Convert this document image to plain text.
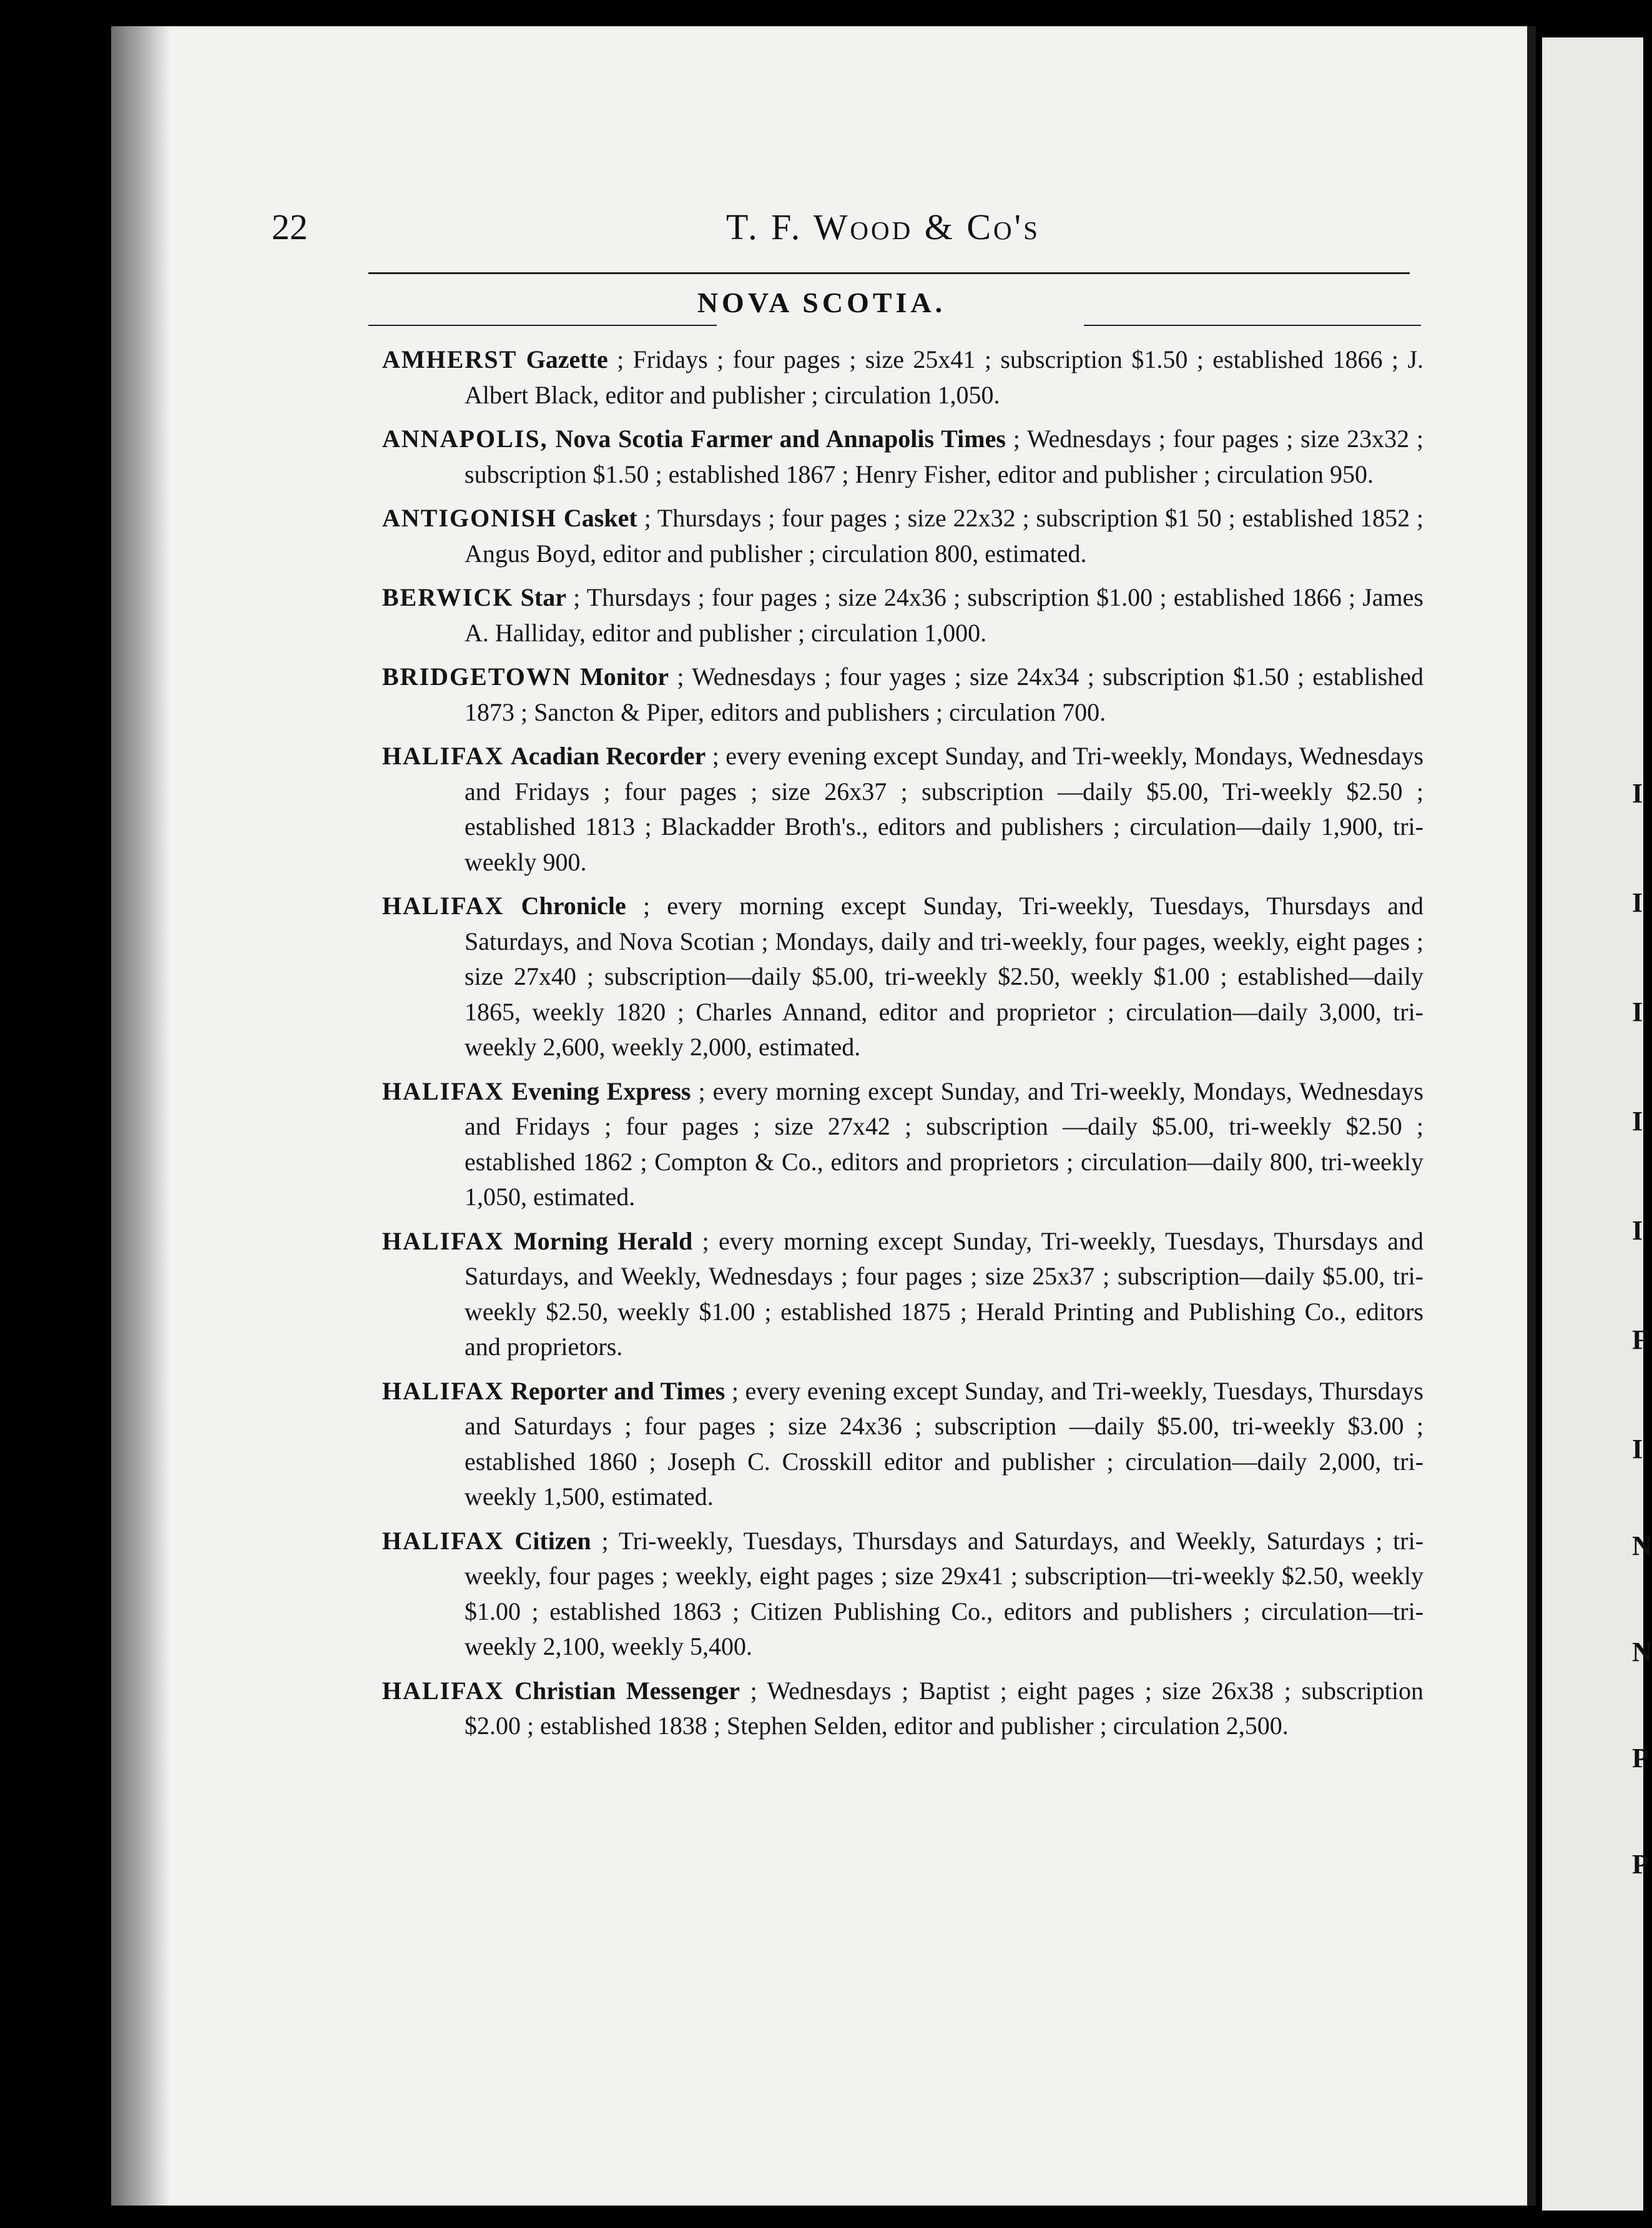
I
I
I
I
I
F
I
N
N
P
P
22	T. F. Wood & Co's
NOVA SCOTIA.

AMHERST Gazette ; Fridays ; four pages ; size 25x41 ; subscription $1.50 ; established 1866 ; J. Albert Black, editor and publisher ; circulation 1,050.

ANNAPOLIS, Nova Scotia Farmer and Annapolis Times ; Wednesdays ; four pages ; size 23x32 ; subscription $1.50 ; established 1867 ; Henry Fisher, editor and publisher ; circulation 950.

ANTIGONISH Casket ; Thursdays ; four pages ; size 22x32 ; subscription $1 50 ; established 1852 ; Angus Boyd, editor and publisher ; circulation 800, estimated.

BERWICK Star ; Thursdays ; four pages ; size 24x36 ; subscription $1.00 ; established 1866 ; James A. Halliday, editor and publisher ; circulation 1,000.

BRIDGETOWN Monitor ; Wednesdays ; four yages ; size 24x34 ; subscription $1.50 ; established 1873 ; Sancton & Piper, editors and publishers ; circulation 700.

HALIFAX Acadian Recorder ; every evening except Sunday, and Tri-weekly, Mondays, Wednesdays and Fridays ; four pages ; size 26x37 ; subscription —daily $5.00, Tri-weekly $2.50 ; established 1813 ; Blackadder Broth's., editors and publishers ; circulation—daily 1,900, tri-weekly 900.

HALIFAX Chronicle ; every morning except Sunday, Tri-weekly, Tuesdays, Thursdays and Saturdays, and Nova Scotian ; Mondays, daily and tri-weekly, four pages, weekly, eight pages ; size 27x40 ; subscription—daily $5.00, tri-weekly $2.50, weekly $1.00 ; established—daily 1865, weekly 1820 ; Charles Annand, editor and proprietor ; circulation—daily 3,000, tri-weekly 2,600, weekly 2,000, estimated.

HALIFAX Evening Express ; every morning except Sunday, and Tri-weekly, Mondays, Wednesdays and Fridays ; four pages ; size 27x42 ; subscription —daily $5.00, tri-weekly $2.50 ; established 1862 ; Compton & Co., editors and proprietors ; circulation—daily 800, tri-weekly 1,050, estimated.

HALIFAX Morning Herald ; every morning except Sunday, Tri-weekly, Tuesdays, Thursdays and Saturdays, and Weekly, Wednesdays ; four pages ; size 25x37 ; subscription—daily $5.00, tri-weekly $2.50, weekly $1.00 ; established 1875 ; Herald Printing and Publishing Co., editors and proprietors.

HALIFAX Reporter and Times ; every evening except Sunday, and Tri-weekly, Tuesdays, Thursdays and Saturdays ; four pages ; size 24x36 ; subscription —daily $5.00, tri-weekly $3.00 ; established 1860 ; Joseph C. Crosskill editor and publisher ; circulation—daily 2,000, tri-weekly 1,500, estimated.

HALIFAX Citizen ; Tri-weekly, Tuesdays, Thursdays and Saturdays, and Weekly, Saturdays ; tri-weekly, four pages ; weekly, eight pages ; size 29x41 ; subscription—tri-weekly $2.50, weekly $1.00 ; established 1863 ; Citizen Publishing Co., editors and publishers ; circulation—tri-weekly 2,100, weekly 5,400.

HALIFAX Christian Messenger ; Wednesdays ; Baptist ; eight pages ; size 26x38 ; subscription $2.00 ; established 1838 ; Stephen Selden, editor and publisher ; circulation 2,500.
